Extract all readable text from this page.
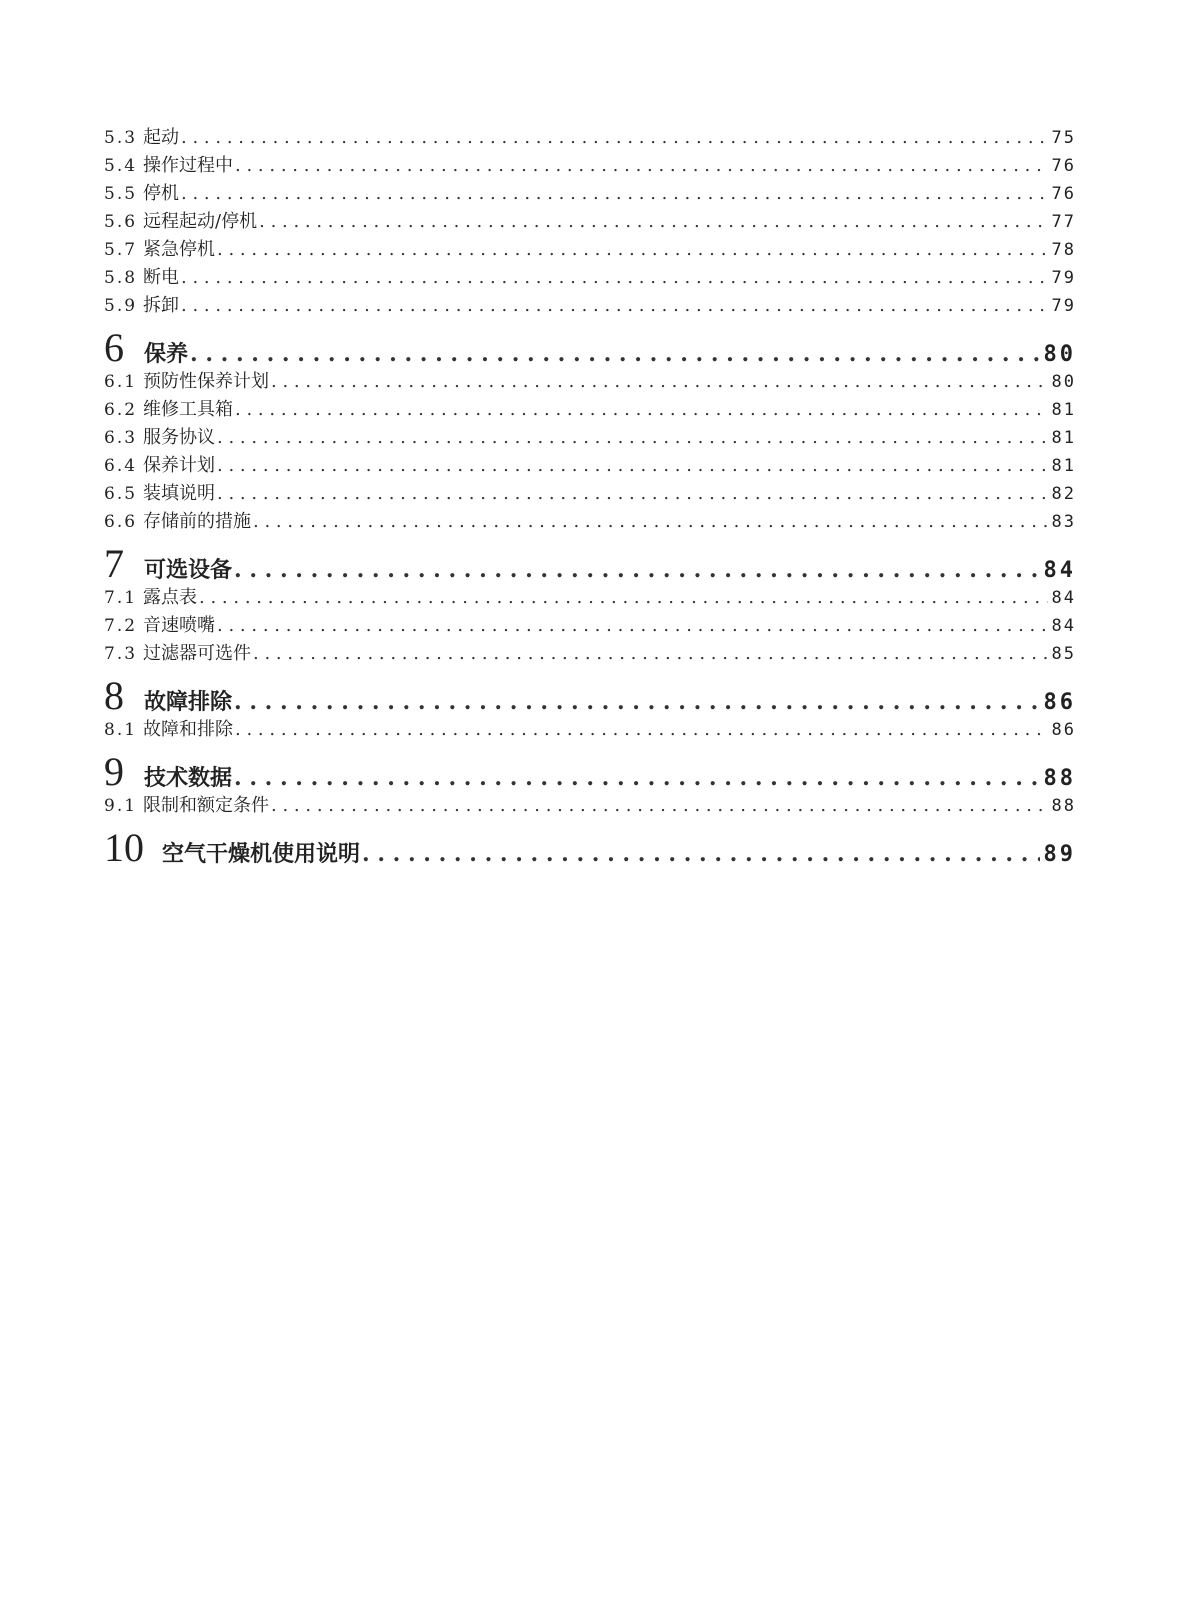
5.3 起动 . . .	75
5.4 操作过程中 . . .	76
5.5 停机 . . .	76
5.6 远程起动/停机 . . .	77
5.7 紧急停机 . . .	78
5.8 断电 . . .	79
5.9 拆卸 . . .	79
6 保养 . . .	80
6.1 预防性保养计划 . . .	80
6.2 维修工具箱 . . .	81
6.3 服务协议 . . .	81
6.4 保养计划 . . .	81
6.5 装填说明 . . .	82
6.6 存储前的措施 . . .	83
7 可选设备 . . .	84
7.1 露点表 . . .	84
7.2 音速喷嘴 . . .	84
7.3 过滤器可选件 . . .	85
8 故障排除 . . .	86
8.1 故障和排除 . . .	86
9 技术数据 . . .	88
9.1 限制和额定条件 . . .	88
10 空气干燥机使用说明 . . .	89
